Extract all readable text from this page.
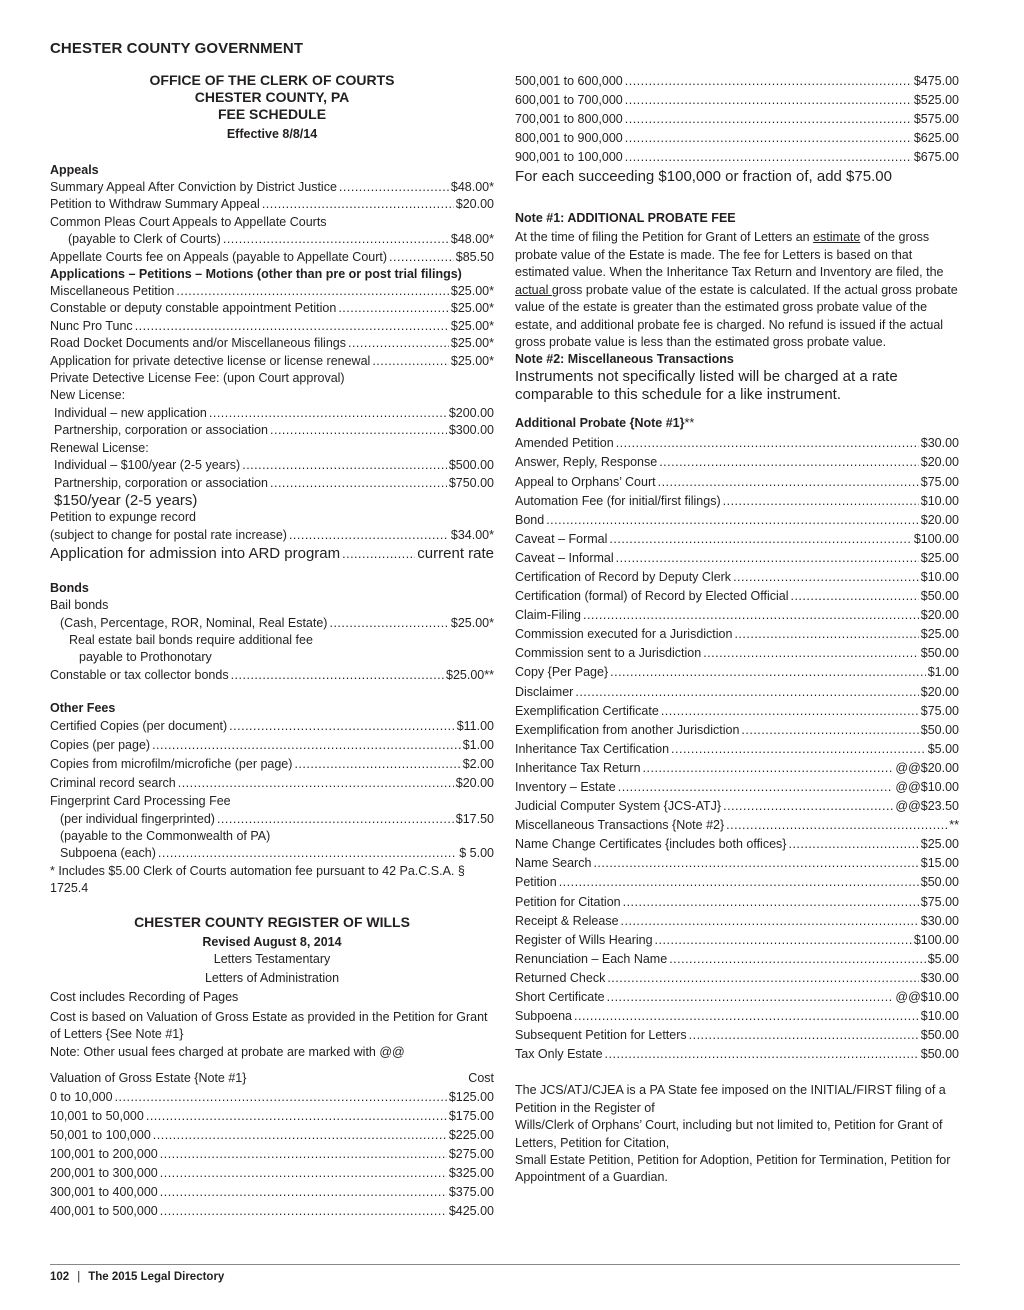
CHESTER COUNTY GOVERNMENT
OFFICE OF THE CLERK OF COURTS
CHESTER COUNTY, PA
FEE SCHEDULE
Effective 8/8/14
Appeals
Summary Appeal After Conviction by District Justice .....	$48.00*
Petition to Withdraw Summary Appeal .....	$20.00
Common Pleas Court Appeals to Appellate Courts
(payable to Clerk of Courts) .....	$48.00*
Appellate Courts fee on Appeals (payable to Appellate Court) .....	$85.50
Applications – Petitions – Motions (other than pre or post trial filings)
Miscellaneous Petition .....	$25.00*
Constable or deputy constable appointment Petition .....	$25.00*
Nunc Pro Tunc .....	$25.00*
Road Docket Documents and/or Miscellaneous filings .....	$25.00*
Application for private detective license or license renewal .....	$25.00*
Private Detective License Fee: (upon Court approval)
New License:
Individual – new application .....	$200.00
Partnership, corporation or association .....	$300.00
Renewal License:
Individual – $100/year (2-5 years) .....	$500.00
Partnership, corporation or association .....	$750.00
$150/year (2-5 years)
Petition to expunge record
(subject to change for postal rate increase) .....	$34.00*
Application for admission into ARD program .....	current rate
Bonds
Bail bonds
(Cash, Percentage, ROR, Nominal, Real Estate) .....	$25.00*
Real estate bail bonds require additional fee
payable to Prothonotary
Constable or tax collector bonds .....	$25.00**
Other Fees
Certified Copies (per document) .....	$11.00
Copies (per page) .....	$1.00
Copies from microfilm/microfiche (per page) .....	$2.00
Criminal record search .....	$20.00
Fingerprint Card Processing Fee
(per individual fingerprinted) .....	$17.50
(payable to the Commonwealth of PA)
Subpoena (each) .....	$ 5.00
* Includes $5.00 Clerk of Courts automation fee pursuant to 42 Pa.C.S.A. § 1725.4
CHESTER COUNTY REGISTER OF WILLS
Revised August 8, 2014
Letters Testamentary
Letters of Administration
Cost includes Recording of Pages
Cost is based on Valuation of Gross Estate as provided in the Petition for Grant of Letters {See Note #1}
Note: Other usual fees charged at probate are marked with @@
Valuation of Gross Estate {Note #1}	Cost
0 to 10,000 .....	$125.00
10,001 to 50,000 .....	$175.00
50,001 to 100,000 .....	$225.00
100,001 to 200,000 .....	$275.00
200,001 to 300,000 .....	$325.00
300,001 to 400,000 .....	$375.00
400,001 to 500,000 .....	$425.00
500,001 to 600,000 .....	$475.00
600,001 to 700,000 .....	$525.00
700,001 to 800,000 .....	$575.00
800,001 to 900,000 .....	$625.00
900,001 to 100,000 .....	$675.00
For each succeeding $100,000 or fraction of, add $75.00
Note #1: ADDITIONAL PROBATE FEE
At the time of filing the Petition for Grant of Letters an estimate of the gross probate value of the Estate is made. The fee for Letters is based on that estimated value. When the Inheritance Tax Return and Inventory are filed, the actual gross probate value of the estate is calculated. If the actual gross probate value of the estate is greater than the estimated gross probate value of the estate, and additional probate fee is charged. No refund is issued if the actual gross probate value is less than the estimated gross probate value.
Note #2: Miscellaneous Transactions
Instruments not specifically listed will be charged at a rate
comparable to this schedule for a like instrument.
Additional Probate {Note #1}**
Amended Petition .....	$30.00
Answer, Reply, Response .....	$20.00
Appeal to Orphans’ Court .....	$75.00
Automation Fee (for initial/first filings) .....	$10.00
Bond .....	$20.00
Caveat – Formal .....	$100.00
Caveat – Informal .....	$25.00
Certification of Record by Deputy Clerk .....	$10.00
Certification (formal) of Record by Elected Official .....	$50.00
Claim-Filing .....	$20.00
Commission executed for a Jurisdiction .....	$25.00
Commission sent to a Jurisdiction .....	$50.00
Copy {Per Page} .....	$1.00
Disclaimer .....	$20.00
Exemplification Certificate .....	$75.00
Exemplification from another Jurisdiction .....	$50.00
Inheritance Tax Certification .....	$5.00
Inheritance Tax Return .....	@@$20.00
Inventory – Estate .....	@@$10.00
Judicial Computer System {JCS-ATJ} .....	@@$23.50
Miscellaneous Transactions {Note #2} .....	**
Name Change Certificates {includes both offices} .....	$25.00
Name Search .....	$15.00
Petition .....	$50.00
Petition for Citation .....	$75.00
Receipt & Release .....	$30.00
Register of Wills Hearing .....	$100.00
Renunciation – Each Name .....	$5.00
Returned Check .....	$30.00
Short Certificate .....	@@$10.00
Subpoena .....	$10.00
Subsequent Petition for Letters .....	$50.00
Tax Only Estate .....	$50.00
The JCS/ATJ/CJEA is a PA State fee imposed on the INITIAL/FIRST filing of a Petition in the Register of
Wills/Clerk of Orphans’ Court, including but not limited to, Petition for Grant of Letters, Petition for Citation,
Small Estate Petition, Petition for Adoption, Petition for Termination, Petition for Appointment of a Guardian.
102 | The 2015 Legal Directory
